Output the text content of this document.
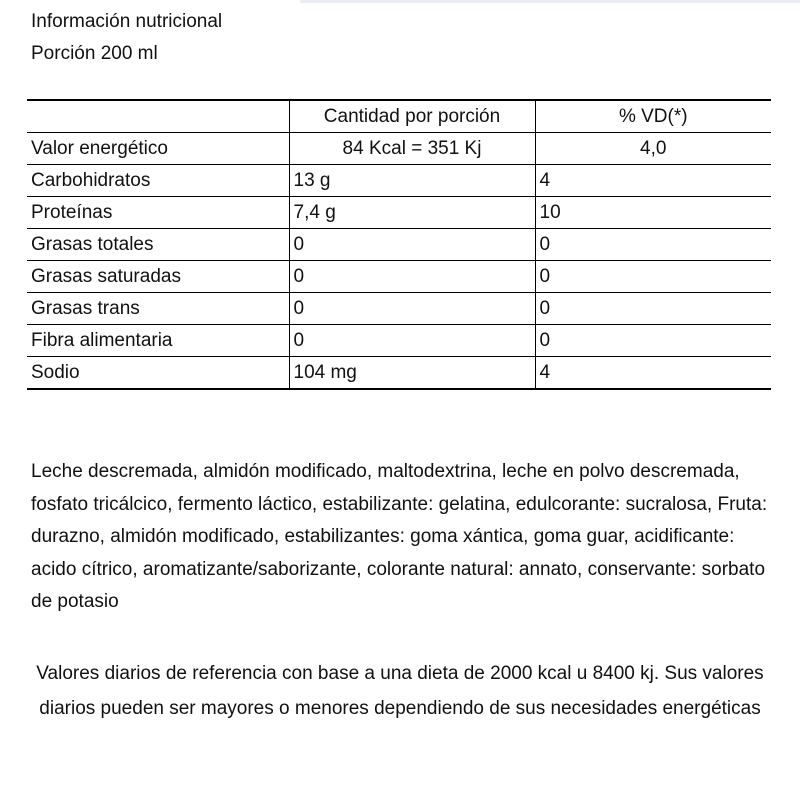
Información nutricional
Porción 200 ml
	Cantidad por porción	% VD(*)
Valor energético	84 Kcal = 351 Kj	4,0
Carbohidratos	13 g	4
Proteínas	7,4 g	10
Grasas totales	0	0
Grasas saturadas	0	0
Grasas trans	0	0
Fibra alimentaria	0	0
Sodio	104 mg	4
Leche descremada, almidón modificado, maltodextrina, leche en polvo descremada, fosfato tricálcico, fermento láctico, estabilizante: gelatina, edulcorante: sucralosa, Fruta: durazno, almidón modificado, estabilizantes: goma xántica, goma guar, acidificante: acido cítrico, aromatizante/saborizante, colorante natural: annato, conservante: sorbato de potasio
Valores diarios de referencia con base a una dieta de 2000 kcal u 8400 kj. Sus valores diarios pueden ser mayores o menores dependiendo de sus necesidades energéticas
